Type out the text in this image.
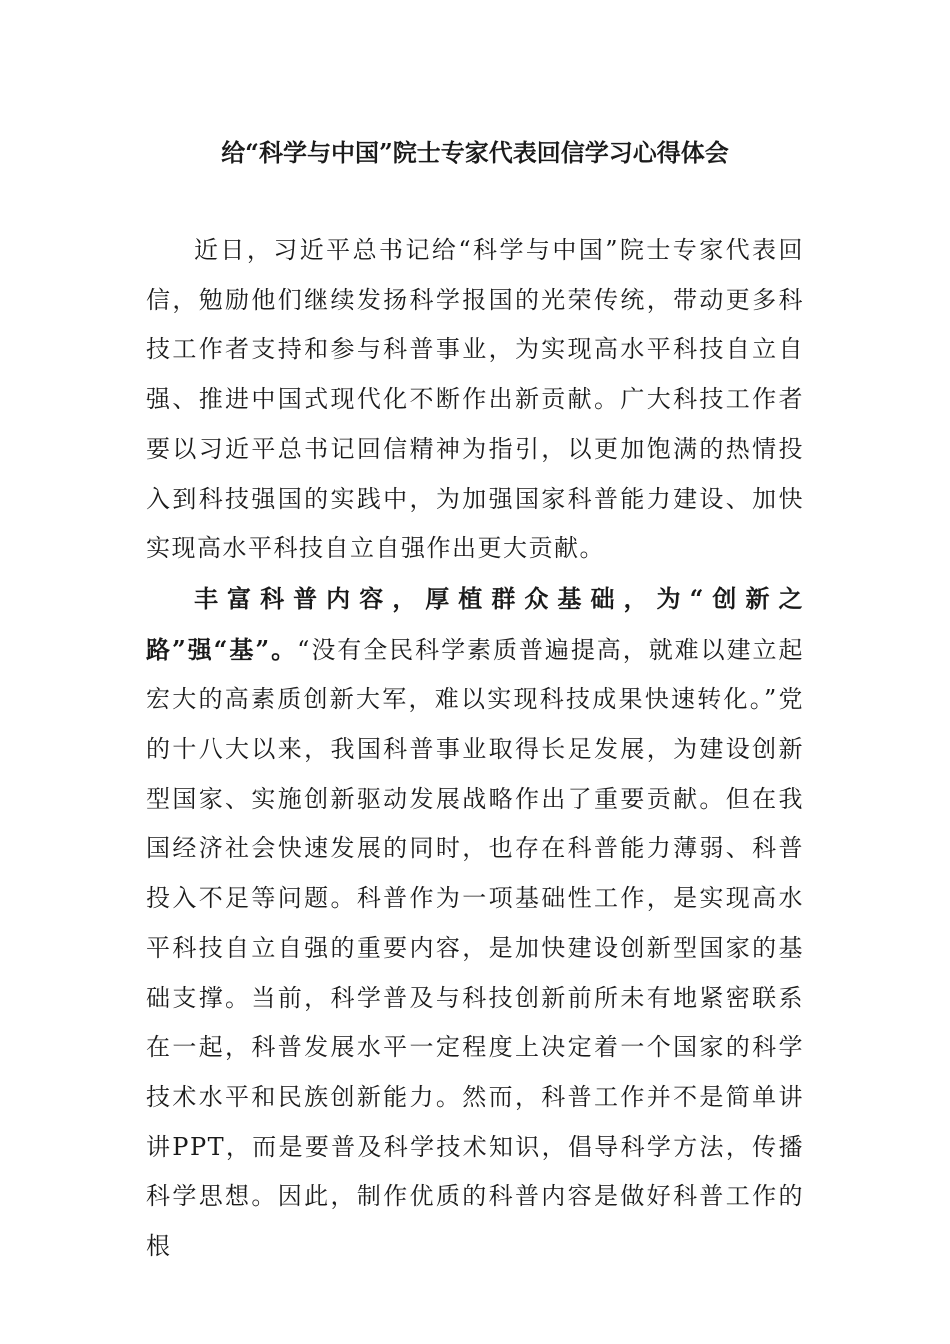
给“科学与中国”院士专家代表回信学习心得体会

近日，习近平总书记给“科学与中国”院士专家代表回信，勉励他们继续发扬科学报国的光荣传统，带动更多科技工作者支持和参与科普事业，为实现高水平科技自立自强、推进中国式现代化不断作出新贡献。广大科技工作者要以习近平总书记回信精神为指引，以更加饱满的热情投入到科技强国的实践中，为加强国家科普能力建设、加快实现高水平科技自立自强作出更大贡献。

丰富科普内容，厚植群众基础，为“创新之路”强“基”。“没有全民科学素质普遍提高，就难以建立起宏大的高素质创新大军，难以实现科技成果快速转化。”党的十八大以来，我国科普事业取得长足发展，为建设创新型国家、实施创新驱动发展战略作出了重要贡献。但在我国经济社会快速发展的同时，也存在科普能力薄弱、科普投入不足等问题。科普作为一项基础性工作，是实现高水平科技自立自强的重要内容，是加快建设创新型国家的基础支撑。当前，科学普及与科技创新前所未有地紧密联系在一起，科普发展水平一定程度上决定着一个国家的科学技术水平和民族创新能力。然而，科普工作并不是简单讲讲PPT，而是要普及科学技术知识，倡导科学方法，传播科学思想。因此，制作优质的科普内容是做好科普工作的根
